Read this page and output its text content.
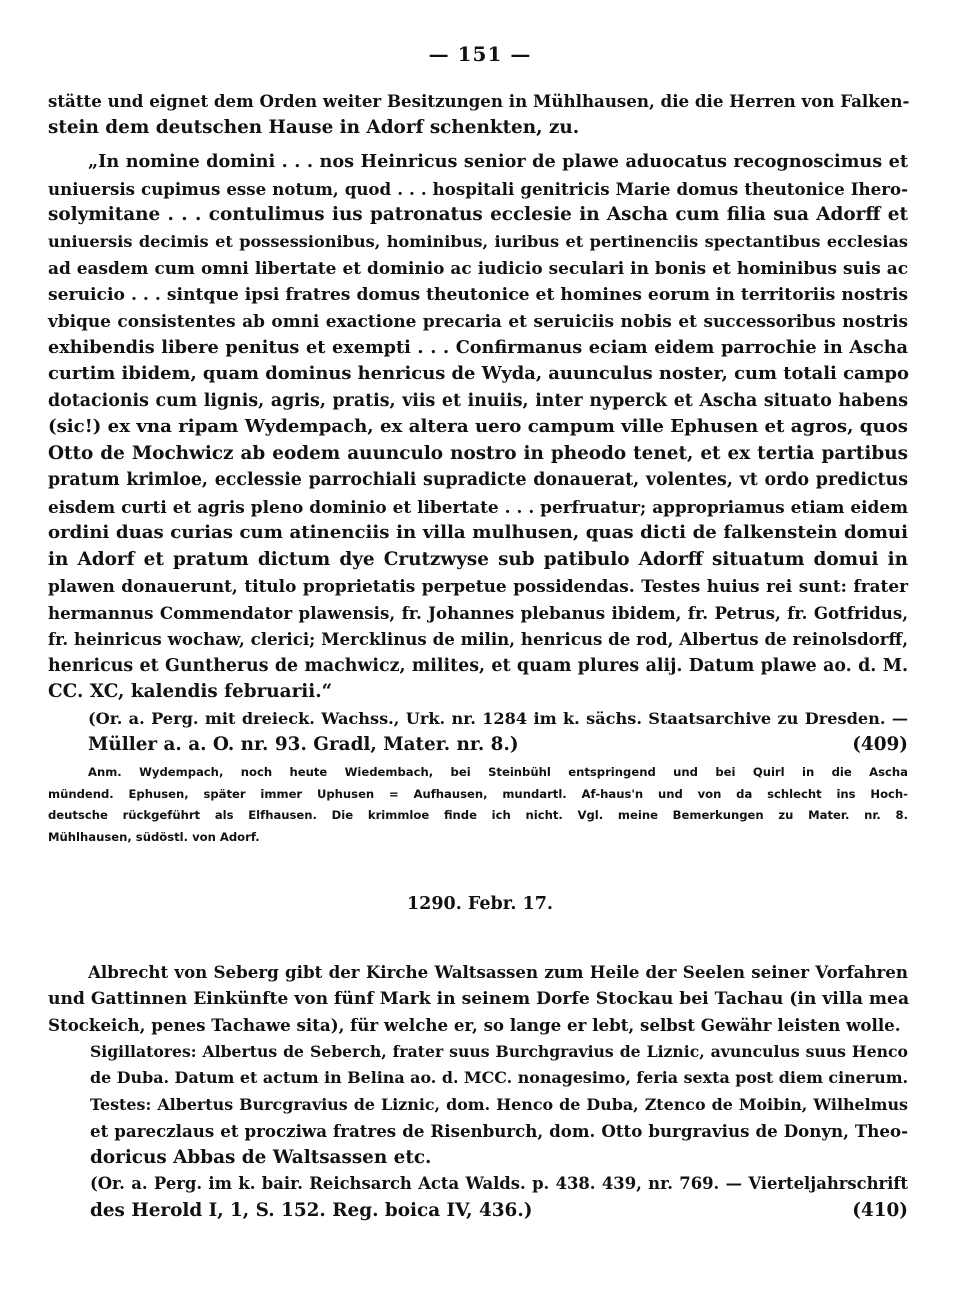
— 151 —
stätte und eignet dem Orden weiter Besitzungen in Mühlhausen, die die Herren von Falken-
stein dem deutschen Hause in Adorf schenkten, zu.
„In nomine domini . . . nos Heinricus senior de plawe aduocatus recognoscimus et
uniuersis cupimus esse notum, quod . . . hospitali genitricis Marie domus theutonice Ihero-
solymitane . . . contulimus ius patronatus ecclesie in Ascha cum filia sua Adorff et
uniuersis decimis et possessionibus, hominibus, iuribus et pertinenciis spectantibus ecclesias
ad easdem cum omni libertate et dominio ac iudicio seculari in bonis et hominibus suis ac
seruicio . . . sintque ipsi fratres domus theutonice et homines eorum in territoriis nostris
vbique consistentes ab omni exactione precaria et seruiciis nobis et successoribus nostris
exhibendis libere penitus et exempti . . . Confirmanus eciam eidem parrochie in Ascha
curtim ibidem, quam dominus henricus de Wyda, auunculus noster, cum totali campo
dotacionis cum lignis, agris, pratis, viis et inuiis, inter nyperck et Ascha situato habens
(sic!) ex vna ripam Wydempach, ex altera uero campum ville Ephusen et agros, quos
Otto de Mochwicz ab eodem auunculo nostro in pheodo tenet, et ex tertia partibus
pratum krimloe, ecclessie parrochiali supradicte donauerat, volentes, vt ordo predictus
eisdem curti et agris pleno dominio et libertate . . . perfruatur; appropriamus etiam eidem
ordini duas curias cum atinenciis in villa mulhusen, quas dicti de falkenstein domui
in Adorf et pratum dictum dye Crutzwyse sub patibulo Adorff situatum domui in
plawen donauerunt, titulo proprietatis perpetue possidendas. Testes huius rei sunt: frater
hermannus Commendator plawensis, fr. Johannes plebanus ibidem, fr. Petrus, fr. Gotfridus,
fr. heinricus wochaw, clerici; Mercklinus de milin, henricus de rod, Albertus de reinolsdorff,
henricus et Guntherus de machwicz, milites, et quam plures alij. Datum plawe ao. d. M.
CC. XC, kalendis februarii.“
(Or. a. Perg. mit dreieck. Wachss., Urk. nr. 1284 im k. sächs. Staatsarchive zu Dresden. —
Müller a. a. O. nr. 93. Gradl, Mater. nr. 8.)	(409)
Anm. Wydempach, noch heute Wiedembach, bei Steinbühl entspringend und bei Quirl in die Ascha
mündend. Ephusen, später immer Uphusen = Aufhausen, mundartl. Af-haus'n und von da schlecht ins Hoch-
deutsche rückgeführt als Elfhausen. Die krimmloe finde ich nicht. Vgl. meine Bemerkungen zu Mater. nr. 8.
Mühlhausen, südöstl. von Adorf.
1290. Febr. 17.
Albrecht von Seberg gibt der Kirche Waltsassen zum Heile der Seelen seiner Vorfahren
und Gattinnen Einkünfte von fünf Mark in seinem Dorfe Stockau bei Tachau (in villa mea
Stockeich, penes Tachawe sita), für welche er, so lange er lebt, selbst Gewähr leisten wolle.
Sigillatores: Albertus de Seberch, frater suus Burchgravius de Liznic, avunculus suus Henco
de Duba. Datum et actum in Belina ao. d. MCC. nonagesimo, feria sexta post diem cinerum.
Testes: Albertus Burcgravius de Liznic, dom. Henco de Duba, Ztenco de Moibin, Wilhelmus
et pareczlaus et procziwa fratres de Risenburch, dom. Otto burgravius de Donyn, Theo-
doricus Abbas de Waltsassen etc.
(Or. a. Perg. im k. bair. Reichsarch Acta Walds. p. 438. 439, nr. 769. — Vierteljahrschrift
des Herold I, 1, S. 152. Reg. boica IV, 436.)	(410)
